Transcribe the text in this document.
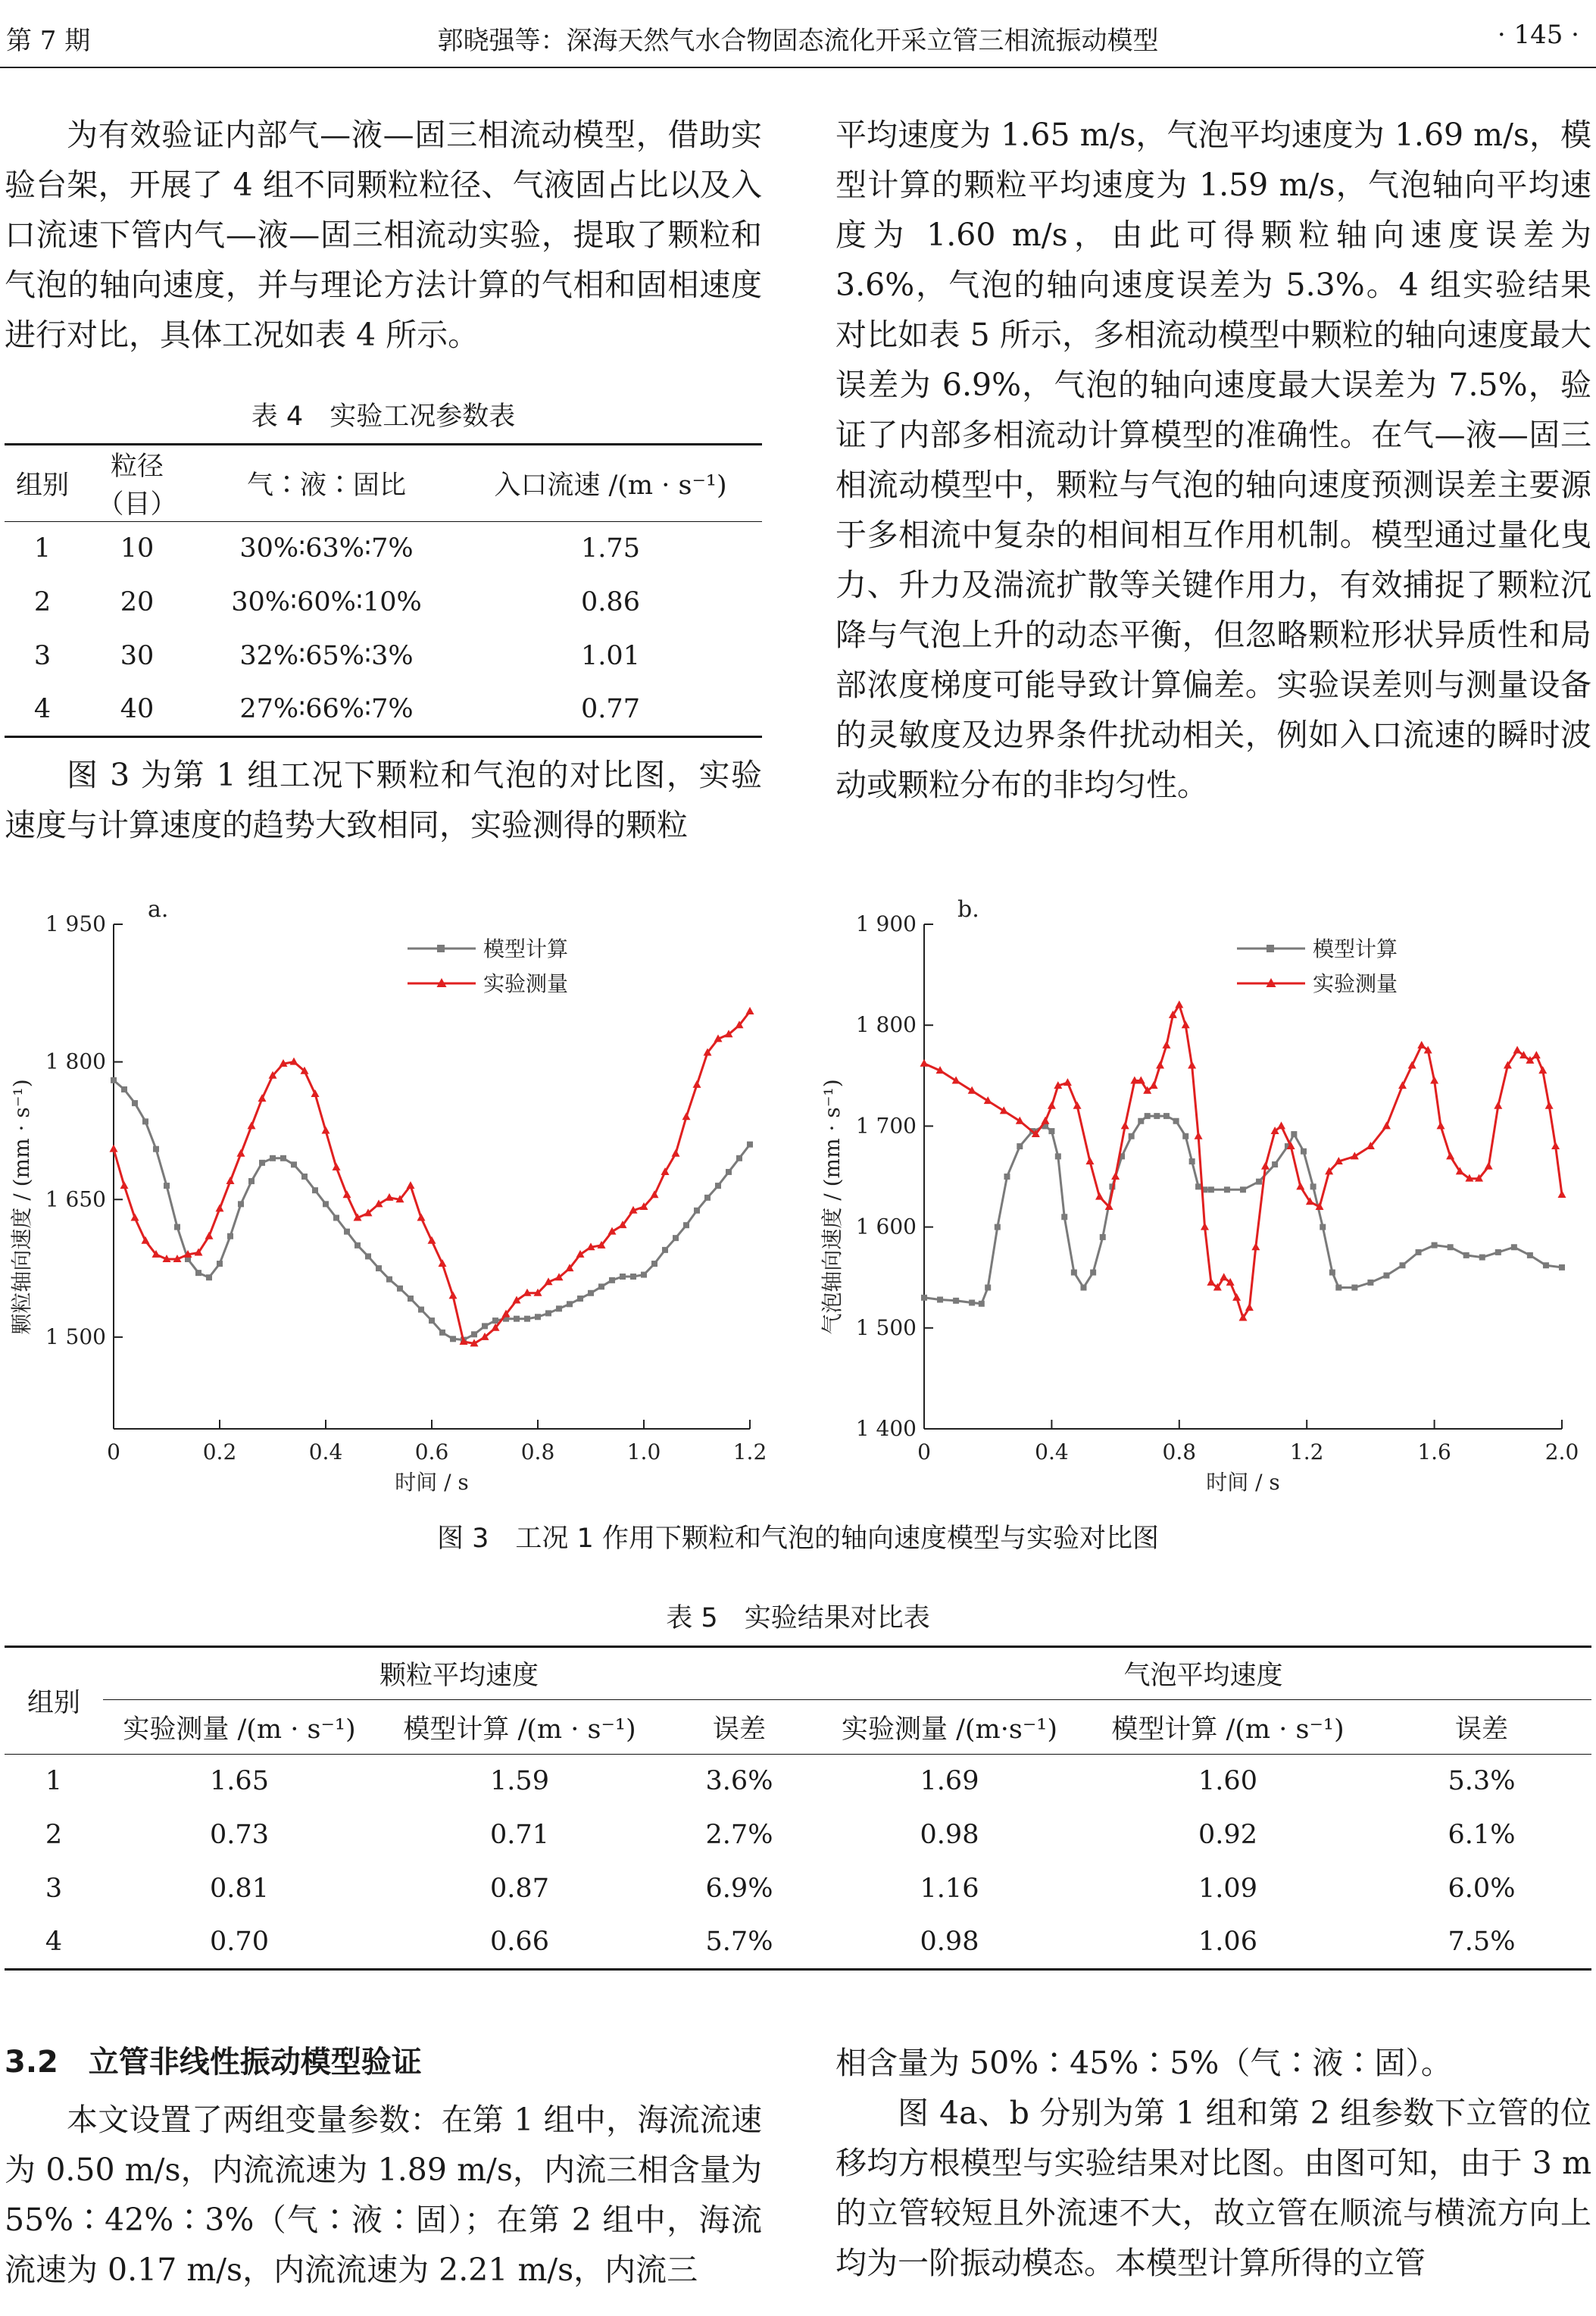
第 7 期	郭晓强等：深海天然气水合物固态流化开采立管三相流振动模型	· 145 ·

为有效验证内部气—液—固三相流动模型，借助实验台架，开展了 4 组不同颗粒粒径、气液固占比以及入口流速下管内气—液—固三相流动实验，提取了颗粒和气泡的轴向速度，并与理论方法计算的气相和固相速度进行对比，具体工况如表 4 所示。

表 4　实验工况参数表
组别	粒径（目）	气∶液∶固比	入口流速 /(m · s⁻¹)
1	10	30%∶63%∶7%	1.75
2	20	30%∶60%∶10%	0.86
3	30	32%∶65%∶3%	1.01
4	40	27%∶66%∶7%	0.77

图 3 为第 1 组工况下颗粒和气泡的对比图，实验速度与计算速度的趋势大致相同，实验测得的颗粒

平均速度为 1.65 m/s，气泡平均速度为 1.69 m/s，模型计算的颗粒平均速度为 1.59 m/s，气泡轴向平均速度为 1.60 m/s，由此可得颗粒轴向速度误差为 3.6%，气泡的轴向速度误差为 5.3%。4 组实验结果对比如表 5 所示，多相流动模型中颗粒的轴向速度最大误差为 6.9%，气泡的轴向速度最大误差为 7.5%，验证了内部多相流动计算模型的准确性。在气—液—固三相流动模型中，颗粒与气泡的轴向速度预测误差主要源于多相流中复杂的相间相互作用机制。模型通过量化曳力、升力及湍流扩散等关键作用力，有效捕捉了颗粒沉降与气泡上升的动态平衡，但忽略颗粒形状异质性和局部浓度梯度可能导致计算偏差。实验误差则与测量设备的灵敏度及边界条件扰动相关，例如入口流速的瞬时波动或颗粒分布的非均匀性。

1 500
1 650
1 800
1 950
0	0.2	0.4	0.6	0.8	1.0	1.2
时间 / s
颗粒轴向速度 / (mm · s⁻¹)
a.
模型计算
实验测量
1 400
1 500
1 600
1 700
1 800
1 900
0	0.4	0.8	1.2	1.6	2.0
时间 / s
气泡轴向速度 / (mm · s⁻¹)
b.
模型计算
实验测量
图 3　工况 1 作用下颗粒和气泡的轴向速度模型与实验对比图
表 5　实验结果对比表
组别	颗粒平均速度			气泡平均速度		
	实验测量 /(m · s⁻¹)	模型计算 /(m · s⁻¹)	误差	实验测量 /(m·s⁻¹)	模型计算 /(m · s⁻¹)	误差
1	1.65	1.59	3.6%	1.69	1.60	5.3%
2	0.73	0.71	2.7%	0.98	0.92	6.1%
3	0.81	0.87	6.9%	1.16	1.09	6.0%
4	0.70	0.66	5.7%	0.98	1.06	7.5%
3.2 立管非线性振动模型验证

本文设置了两组变量参数：在第 1 组中，海流流速为 0.50 m/s，内流流速为 1.89 m/s，内流三相含量为 55%∶42%∶3%（气∶液∶固）；在第 2 组中，海流流速为 0.17 m/s，内流流速为 2.21 m/s，内流三

相含量为 50%∶45%∶5%（气∶液∶固）。

图 4a、b 分别为第 1 组和第 2 组参数下立管的位移均方根模型与实验结果对比图。由图可知，由于 3 m 的立管较短且外流速不大，故立管在顺流与横流方向上均为一阶振动模态。本模型计算所得的立管
